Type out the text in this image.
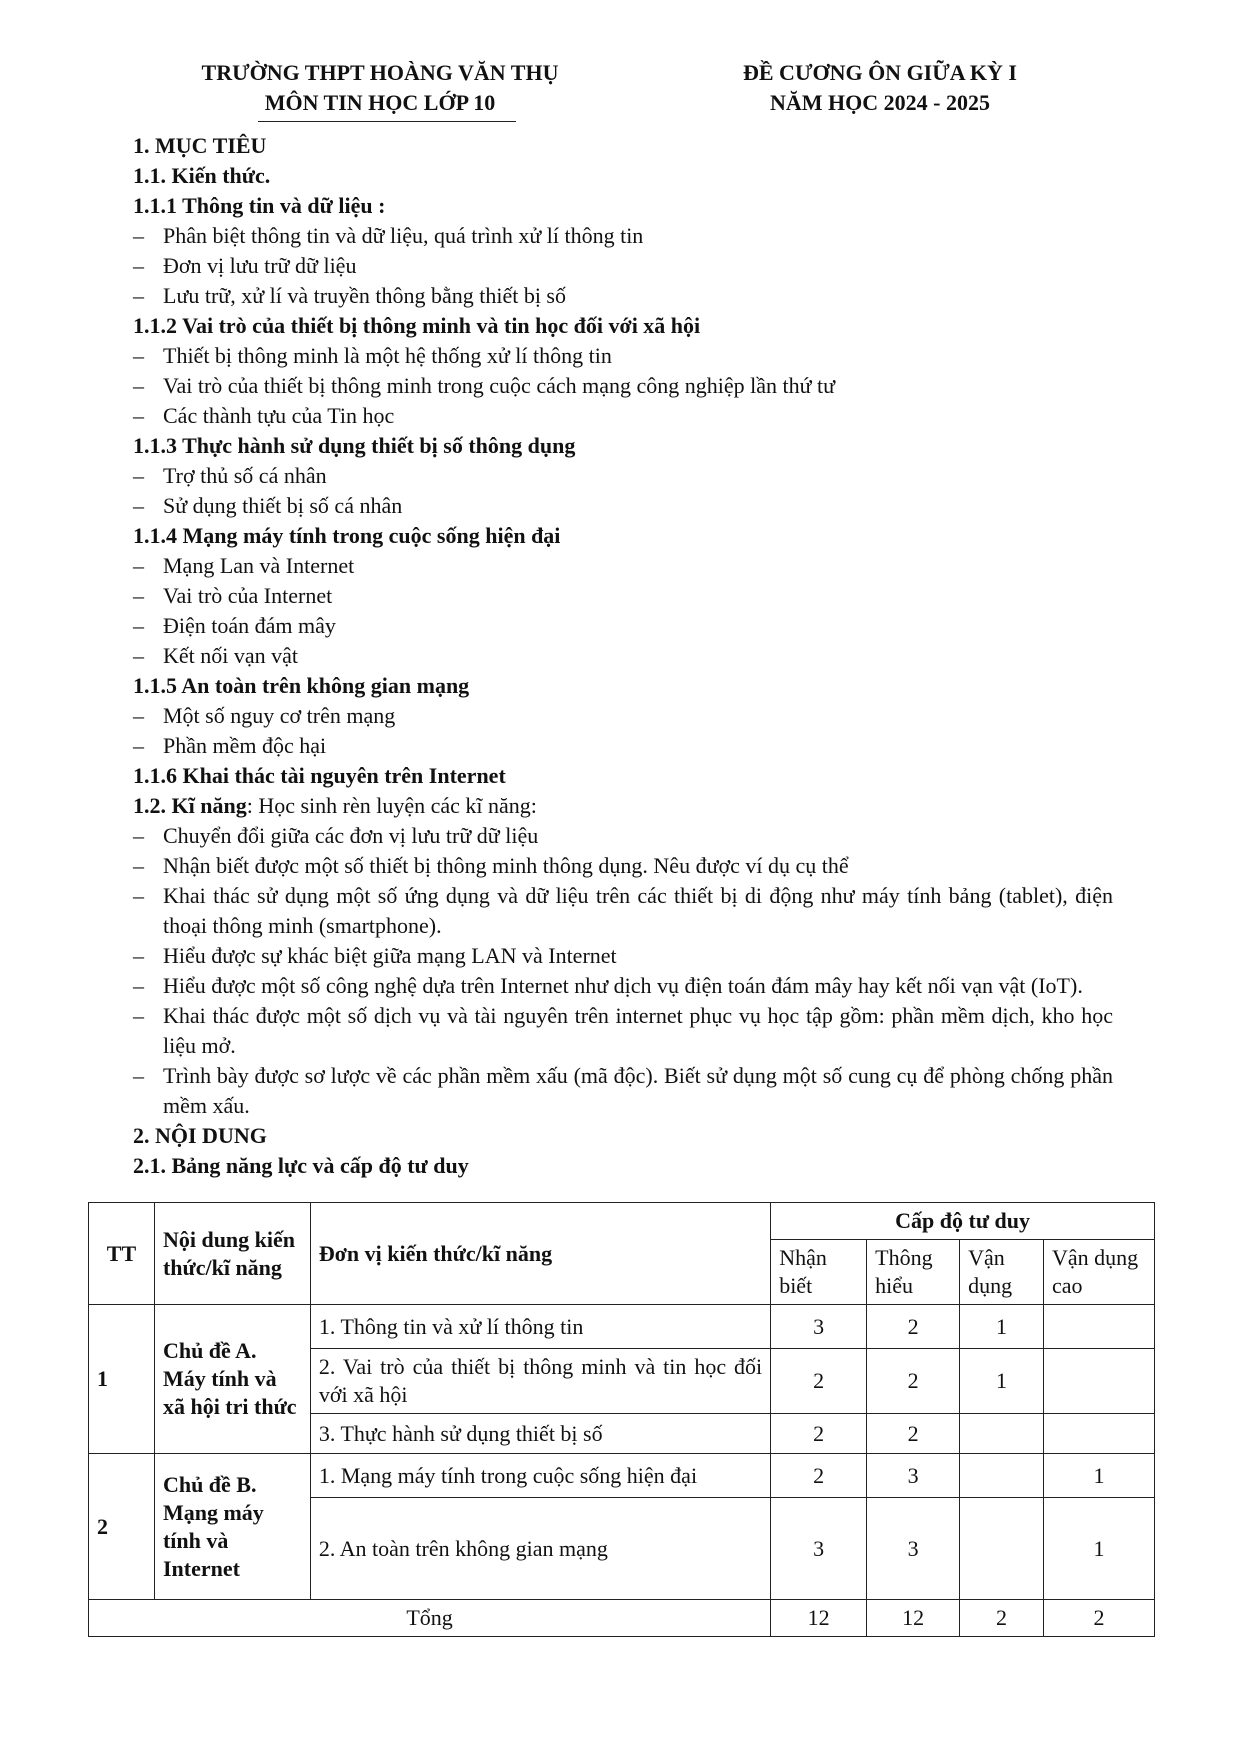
TRƯỜNG THPT HOÀNG VĂN THỤ
MÔN TIN HỌC LỚP 10
ĐỀ CƯƠNG ÔN GIỮA KỲ I
NĂM HỌC 2024 - 2025
1. MỤC TIÊU
1.1. Kiến thức.
1.1.1 Thông tin và dữ liệu :
– Phân biệt thông tin và dữ liệu, quá trình xử lí thông tin
– Đơn vị lưu trữ dữ liệu
– Lưu trữ, xử lí và truyền thông bằng thiết bị số
1.1.2 Vai trò của thiết bị thông minh và tin học đối với xã hội
– Thiết bị thông minh là một hệ thống xử lí thông tin
– Vai trò của thiết bị thông minh trong cuộc cách mạng công nghiệp lần thứ tư
– Các thành tựu của Tin học
1.1.3 Thực hành sử dụng thiết bị số thông dụng
– Trợ thủ số cá nhân
– Sử dụng thiết bị số cá nhân
1.1.4 Mạng máy tính trong cuộc sống hiện đại
– Mạng Lan và Internet
– Vai trò của Internet
– Điện toán đám mây
– Kết nối vạn vật
1.1.5 An toàn trên không gian mạng
– Một số nguy cơ trên mạng
– Phần mềm độc hại
1.1.6 Khai thác tài nguyên trên Internet
1.2. Kĩ năng: Học sinh rèn luyện các kĩ năng:
– Chuyển đổi giữa các đơn vị lưu trữ dữ liệu
– Nhận biết được một số thiết bị thông minh thông dụng. Nêu được ví dụ cụ thể
– Khai thác sử dụng một số ứng dụng và dữ liệu trên các thiết bị di động như máy tính bảng (tablet), điện thoại thông minh (smartphone).
– Hiểu được sự khác biệt giữa mạng LAN và Internet
– Hiểu được một số công nghệ dựa trên Internet như dịch vụ điện toán đám mây hay kết nối vạn vật (IoT).
– Khai thác được một số dịch vụ và tài nguyên trên internet phục vụ học tập gồm: phần mềm dịch, kho học liệu mở.
– Trình bày được sơ lược về các phần mềm xấu (mã độc). Biết sử dụng một số cung cụ để phòng chống phần mềm xấu.
2. NỘI DUNG
2.1. Bảng năng lực và cấp độ tư duy
TT	Nội dung kiến thức/kĩ năng	Đơn vị kiến thức/kĩ năng	Cấp độ tư duy			
			Nhận biết	Thông hiểu	Vận dụng	Vận dụng cao
1	Chủ đề A. Máy tính và xã hội tri thức	1. Thông tin và xử lí thông tin	3	2	1	
		2. Vai trò của thiết bị thông minh và tin học đối với xã hội	2	2	1	
		3. Thực hành sử dụng thiết bị số	2	2		
2	Chủ đề B. Mạng máy tính và Internet	1. Mạng máy tính trong cuộc sống hiện đại	2	3		1
		2. An toàn trên không gian mạng	3	3		1
Tổng			12	12	2	2
